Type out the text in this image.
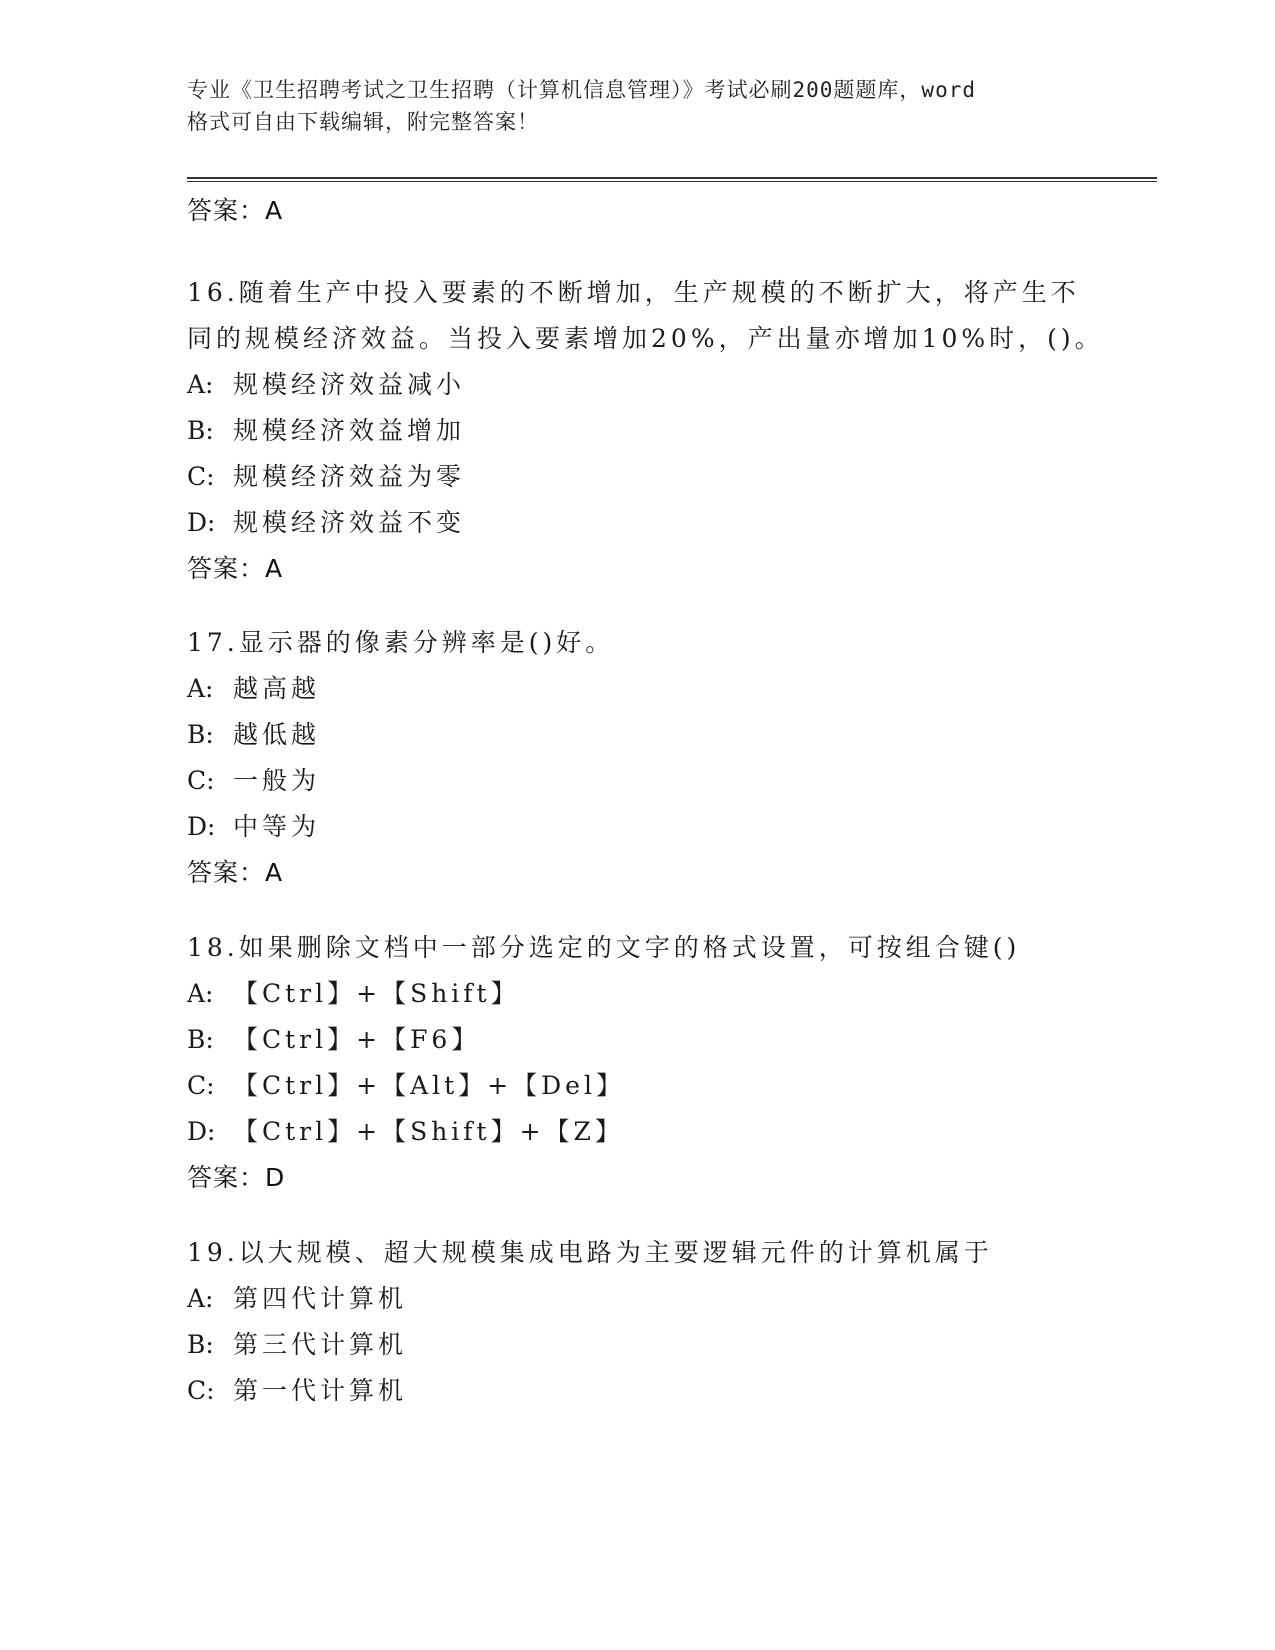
专业《卫生招聘考试之卫生招聘（计算机信息管理）》考试必刷200题题库，word
格式可自由下载编辑，附完整答案！
答案：A
16.随着生产中投入要素的不断增加，生产规模的不断扩大，将产生不
同的规模经济效益。当投入要素增加20%，产出量亦增加10%时，()。
A: 规模经济效益减小
B: 规模经济效益增加
C: 规模经济效益为零
D: 规模经济效益不变
答案：A
17.显示器的像素分辨率是()好。
A: 越高越
B: 越低越
C: 一般为
D: 中等为
答案：A
18.如果删除文档中一部分选定的文字的格式设置，可按组合键()
A: 【Ctrl】+【Shift】
B: 【Ctrl】+【F6】
C: 【Ctrl】+【Alt】+【Del】
D: 【Ctrl】+【Shift】+【Z】
答案：D
19.以大规模、超大规模集成电路为主要逻辑元件的计算机属于
A: 第四代计算机
B: 第三代计算机
C: 第一代计算机
